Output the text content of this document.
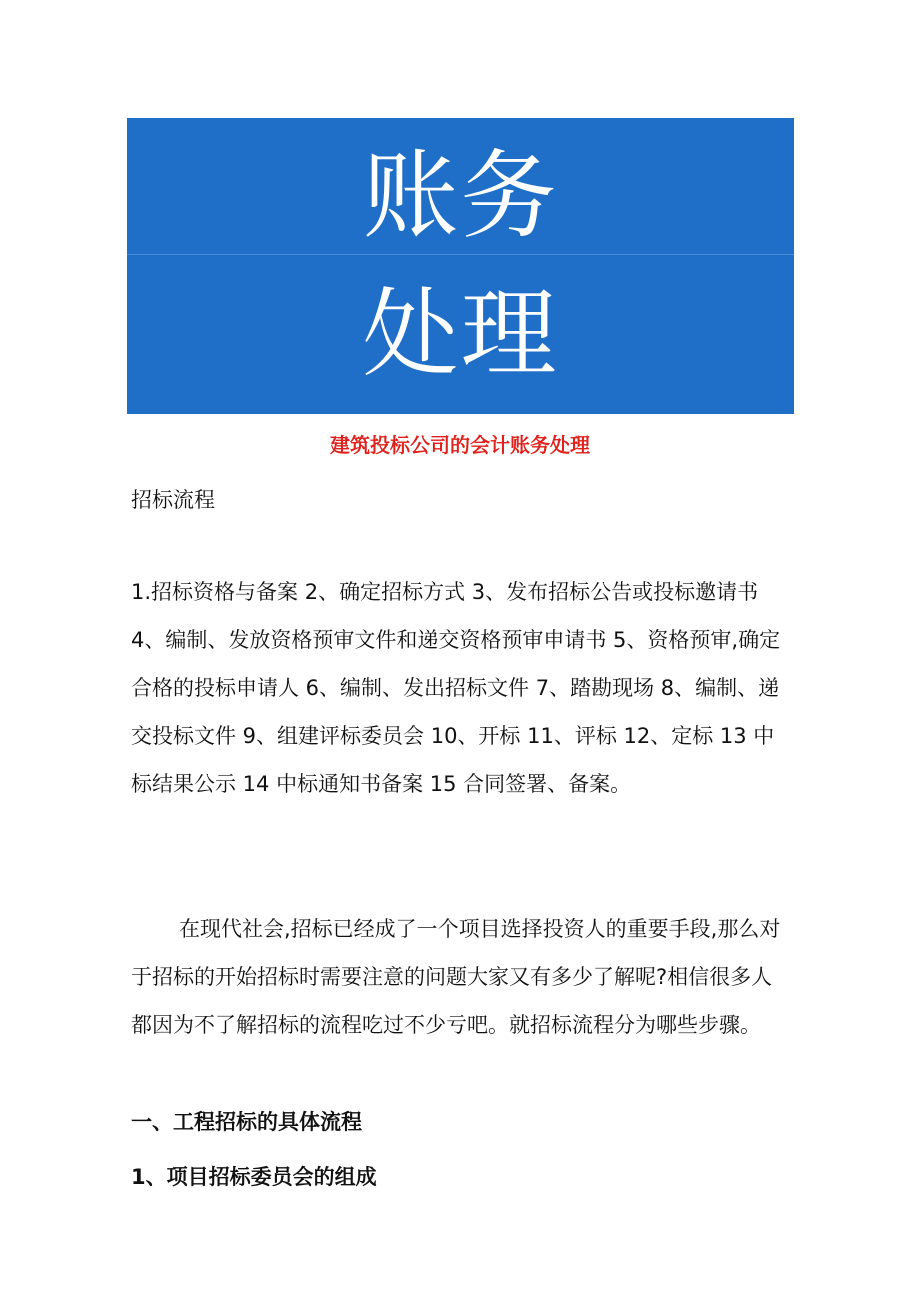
账务
处理
建筑投标公司的会计账务处理

招标流程

1.招标资格与备案 2、确定招标方式 3、发布招标公告或投标邀请书 4、编制、发放资格预审文件和递交资格预审申请书 5、资格预审,确定合格的投标申请人 6、编制、发出招标文件 7、踏勘现场 8、编制、递交投标文件 9、组建评标委员会 10、开标 11、评标 12、定标 13 中标结果公示 14 中标通知书备案 15 合同签署、备案。

在现代社会,招标已经成了一个项目选择投资人的重要手段,那么对于招标的开始招标时需要注意的问题大家又有多少了解呢?相信很多人都因为不了解招标的流程吃过不少亏吧。就招标流程分为哪些步骤。

一、工程招标的具体流程
1、项目招标委员会的组成
